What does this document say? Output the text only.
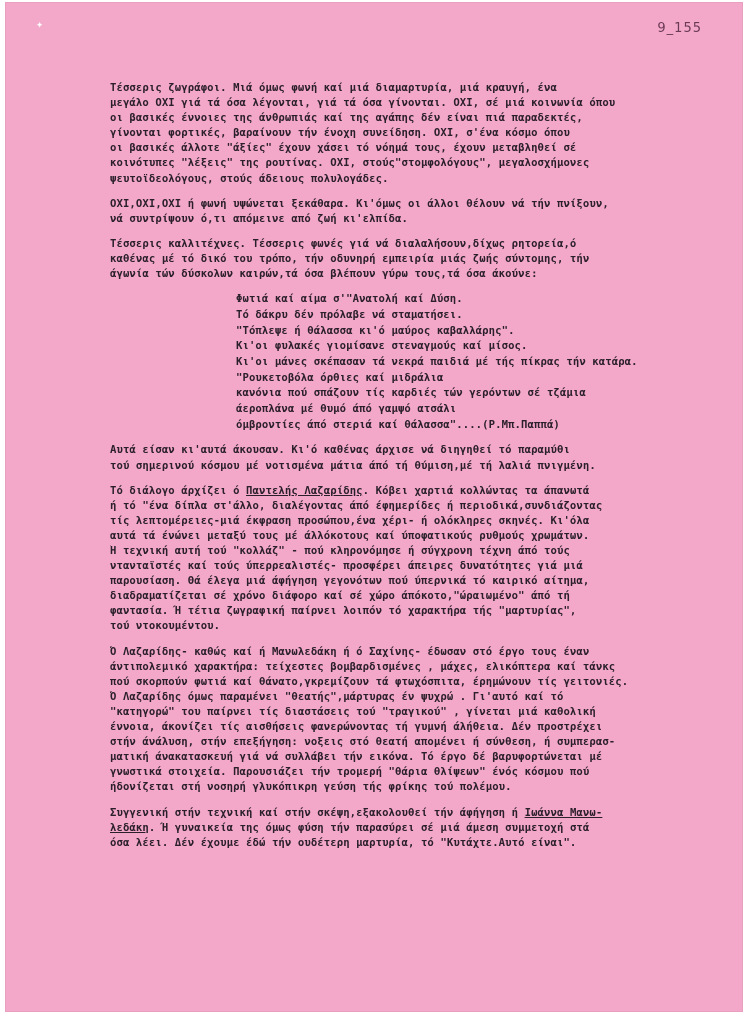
✦	9_155
Τέσσερις ζωγράφοι. Μιά όμως φωνή καί μιά διαμαρτυρία, μιά κραυγή, ένα
μεγάλο ΟΧΙ γιά τά όσα λέγονται, γιά τά όσα γίνονται. ΟΧΙ, σέ μιά κοινωνία όπου
οι βασικές έννοιες της άνθρωπιάς καί της αγάπης δέν είναι πιά παραδεκτές,
γίνονται φορτικές, βαραίνουν τήν ένοχη συνείδηση. ΟΧΙ, σ'ένα κόσμο όπου
οι βασικές άλλοτε "άξίες" έχουν χάσει τό νόημά τους, έχουν μεταβληθεί σέ
κοινότυπες "λέξεις" της ρουτίνας. ΟΧΙ, στούς"στομφολόγους", μεγαλοσχήμονες
ψευτοϊδεολόγους, στούς άδειους πολυλογάδες.
ΟΧΙ,ΟΧΙ,ΟΧΙ ή φωνή υψώνεται ξεκάθαρα. Κι'όμως οι άλλοι θέλουν νά τήν πνίξουν,
νά συντρίψουν ό,τι απόμεινε από ζωή κι'ελπίδα.
Τέσσερις καλλιτέχνες. Τέσσερις φωνές γιά νά διαλαλήσουν,δίχως ρητορεία,ό
καθένας μέ τό δικό του τρόπο, τήν οδυνηρή εμπειρία μιάς ζωής σύντομης, τήν
άγωνία τών δύσκολων καιρών,τά όσα βλέπουν γύρω τους,τά όσα άκούνε:
Φωτιά καί αίμα σ'"Ανατολή καί Δύση.
Τό δάκρυ δέν πρόλαβε νά σταματήσει.
"Τόπλεψε ή θάλασσα κι'ό μαύρος καβαλλάρης".
Κι'οι φυλακές γιομίσανε στεναγμούς καί μίσος.
Κι'οι μάνες σκέπασαν τά νεκρά παιδιά μέ τής πίκρας τήν κατάρα.
"Ρουκετοβόλα όρθιες καί μιδράλια
κανόνια πού σπάζουν τίς καρδιές τών γερόντων σέ τζάμια
άεροπλάνα μέ θυμό άπό γαμψό ατσάλι
όμβροντίες άπό στεριά καί θάλασσα"....(Ρ.Μπ.Παππά)
Αυτά είσαν κι'αυτά άκουσαν. Κι'ό καθένας άρχισε νά διηγηθεί τό παραμύθι
τού σημερινού κόσμου μέ νοτισμένα μάτια άπό τή θύμιση,μέ τή λαλιά πνιγμένη.
Τό διάλογο άρχίζει ό Παντελής Λαζαρίδης. Κόβει χαρτιά κολλώντας τα άπανωτά
ή τό "ένα δίπλα στ'άλλο, διαλέγοντας άπό έφημερίδες ή περιοδικά,συνδιάζοντας
τίς λεπτομέρειες-μιά έκφραση προσώπου,ένα χέρι- ή ολόκληρες σκηνές. Κι'όλα
αυτά τά ένώνει μεταξύ τους μέ άλλόκοτους καί ύποφατικούς ρυθμούς χρωμάτων.
Ή τεχνική αυτή τού "κολλάζ" - πού κληρονόμησε ή σύγχρονη τέχνη άπό τούς
ντανταϊστές καί τούς ύπερρεαλιστές- προσφέρει άπειρες δυνατότητες γιά μιά
παρουσίαση. Θά έλεγα μιά άφήγηση γεγονότων πού ύπερνικά τό καιρικό αίτημα,
διαδραματίζεται σέ χρόνο διάφορο καί σέ χώρο άπόκοτο,"ώραιωμένο" άπό τή
φαντασία. Ή τέτια ζωγραφική παίρνει λοιπόν τό χαρακτήρα τής "μαρτυρίας",
τού ντοκουμέντου.
Ό Λαζαρίδης- καθώς καί ή Μανωλεδάκη ή ό Σαχίνης- έδωσαν στό έργο τους έναν
άντιπολεμικό χαρακτήρα: τείχεστες βομβαρδισμένες , μάχες, ελικόπτερα καί τάνκς
πού σκορπούν φωτιά καί θάνατο,γκρεμίζουν τά φτωχόσπιτα, έρημώνουν τίς γειτονιές.
Ό Λαζαρίδης όμως παραμένει "θεατής",μάρτυρας έν ψυχρώ . Γι'αυτό καί τό
"κατηγορώ" του παίρνει τίς διαστάσεις τού "τραγικού" , γίνεται μιά καθολική
έννοια, άκονίζει τίς αισθήσεις φανερώνοντας τή γυμνή άλήθεια. Δέν προστρέχει
στήν άνάλυση, στήν επεξήγηση: νοξεις στό θεατή απομένει ή σύνθεση, ή συμπερασ-
ματική άνακατασκευή γιά νά συλλάβει τήν εικόνα. Τό έργο δέ βαρυφορτώνεται μέ
γνωστικά στοιχεία. Παρουσιάζει τήν τρομερή "θάρια θλίψεων" ένός κόσμου πού
ήδονίζεται στή νοσηρή γλυκόπικρη γεύση τής φρίκης τού πολέμου.
Συγγενική στήν τεχνική καί στήν σκέψη,εξακολουθεί τήν άφήγηση ή Ιωάννα Μανω-
λεδάκη. Ή γυναικεία της όμως φύση τήν παρασύρει σέ μιά άμεση συμμετοχή στά
όσα λέει. Δέν έχουμε έδώ τήν ουδέτερη μαρτυρία, τό "Κυτάχτε.Αυτό είναι".
